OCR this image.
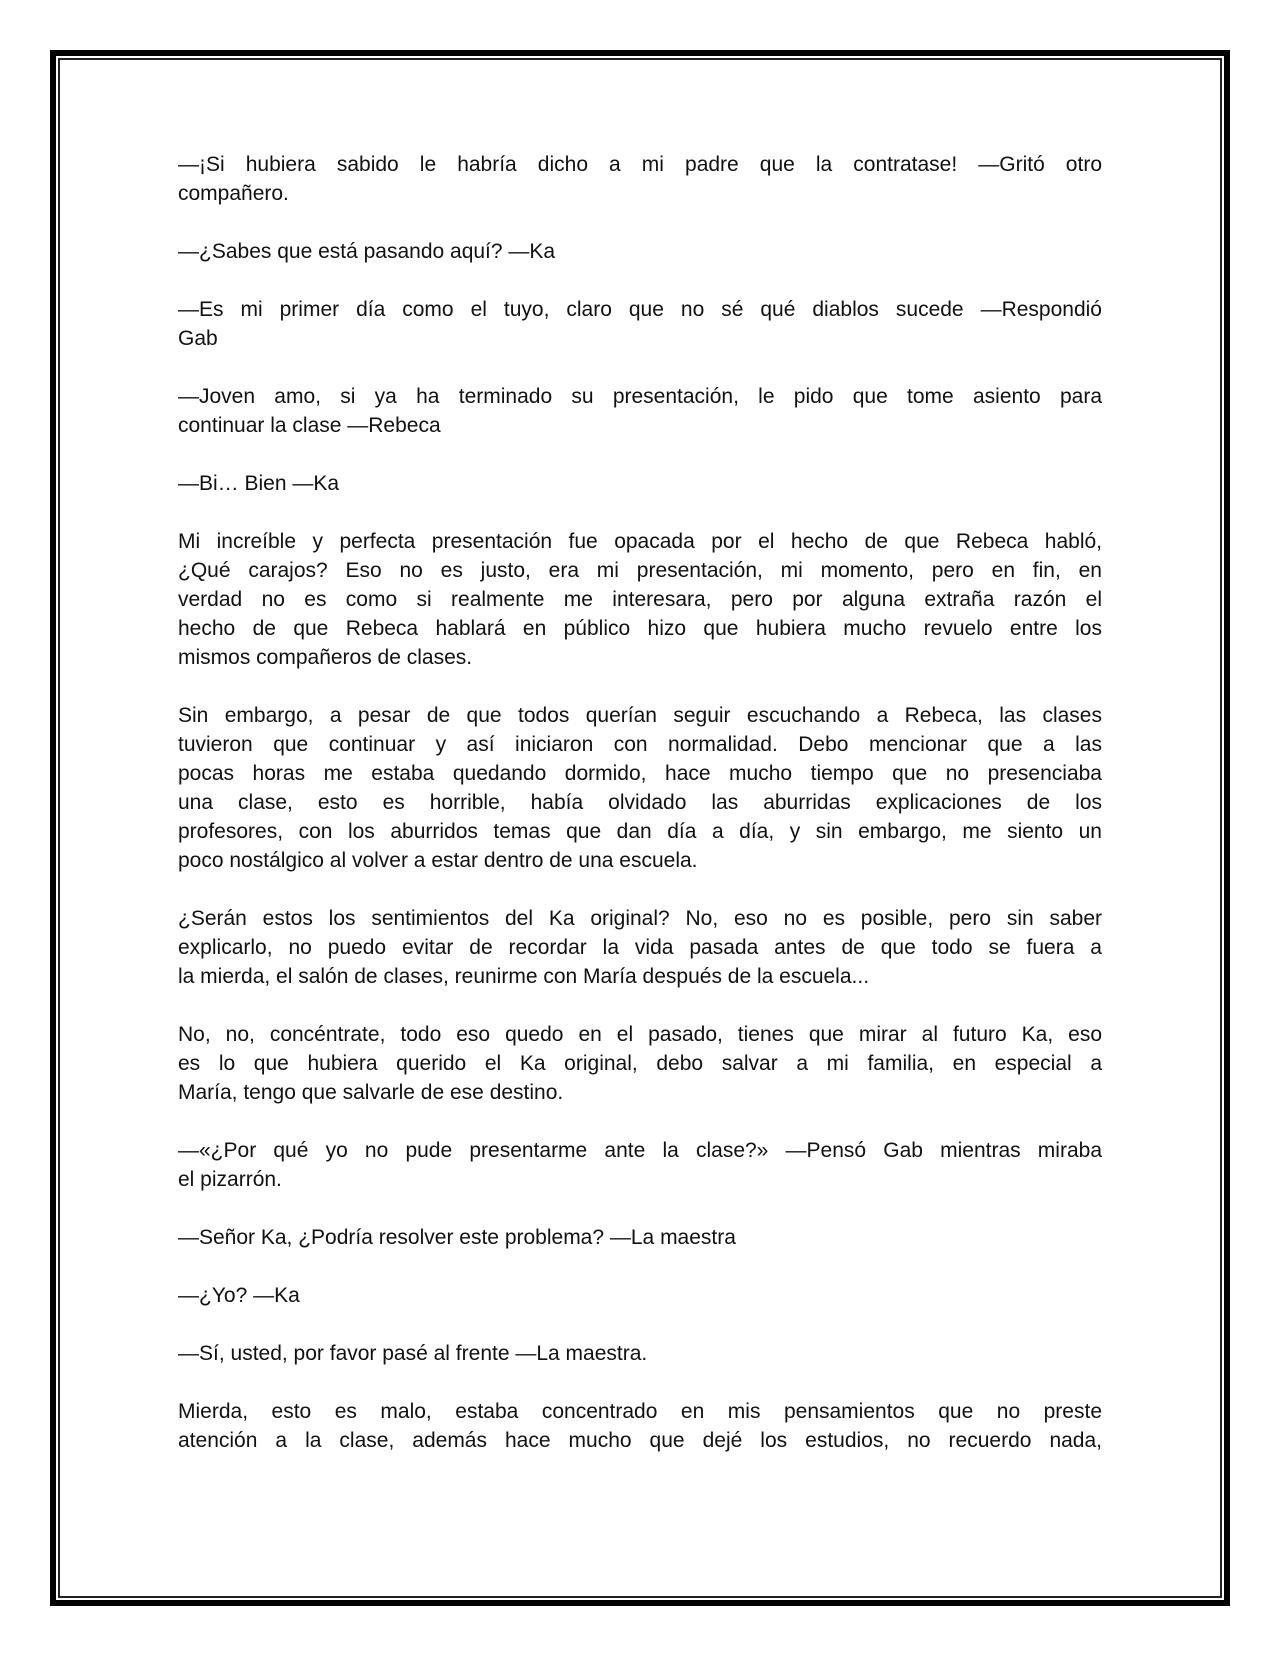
—¡Si hubiera sabido le habría dicho a mi padre que la contratase! —Gritó otro
compañero.
—¿Sabes que está pasando aquí? —Ka
—Es mi primer día como el tuyo, claro que no sé qué diablos sucede —Respondió
Gab
—Joven amo, si ya ha terminado su presentación, le pido que tome asiento para
continuar la clase —Rebeca
—Bi… Bien —Ka
Mi increíble y perfecta presentación fue opacada por el hecho de que Rebeca habló,
¿Qué carajos? Eso no es justo, era mi presentación, mi momento, pero en fin, en
verdad no es como si realmente me interesara, pero por alguna extraña razón el
hecho de que Rebeca hablará en público hizo que hubiera mucho revuelo entre los
mismos compañeros de clases.
Sin embargo, a pesar de que todos querían seguir escuchando a Rebeca, las clases
tuvieron que continuar y así iniciaron con normalidad. Debo mencionar que a las
pocas horas me estaba quedando dormido, hace mucho tiempo que no presenciaba
una clase, esto es horrible, había olvidado las aburridas explicaciones de los
profesores, con los aburridos temas que dan día a día, y sin embargo, me siento un
poco nostálgico al volver a estar dentro de una escuela.
¿Serán estos los sentimientos del Ka original? No, eso no es posible, pero sin saber
explicarlo, no puedo evitar de recordar la vida pasada antes de que todo se fuera a
la mierda, el salón de clases, reunirme con María después de la escuela...
No, no, concéntrate, todo eso quedo en el pasado, tienes que mirar al futuro Ka, eso
es lo que hubiera querido el Ka original, debo salvar a mi familia, en especial a
María, tengo que salvarle de ese destino.
—«¿Por qué yo no pude presentarme ante la clase?» —Pensó Gab mientras miraba
el pizarrón.
—Señor Ka, ¿Podría resolver este problema? —La maestra
—¿Yo? —Ka
—Sí, usted, por favor pasé al frente —La maestra.
Mierda, esto es malo, estaba concentrado en mis pensamientos que no preste
atención a la clase, además hace mucho que dejé los estudios, no recuerdo nada,
